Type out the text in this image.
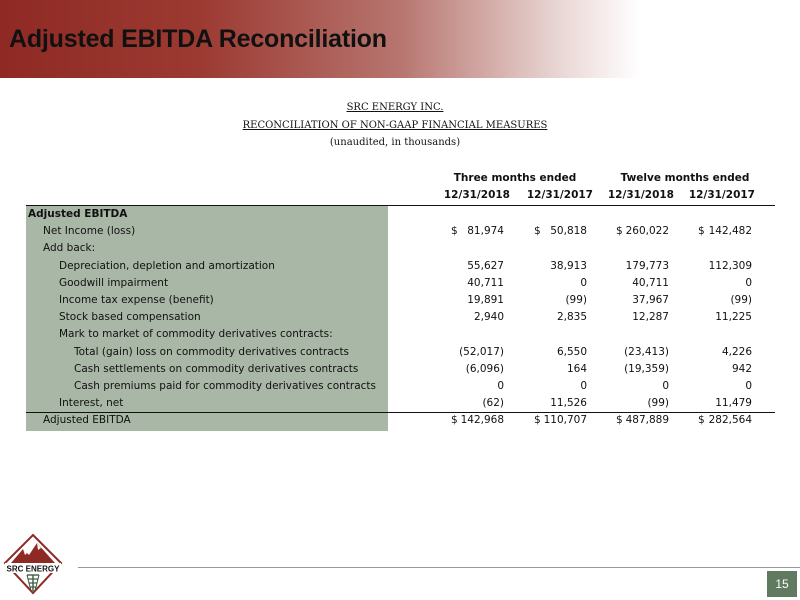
Adjusted EBITDA Reconciliation
SRC ENERGY INC.
RECONCILIATION OF NON-GAAP FINANCIAL MEASURES
(unaudited, in thousands)
Three months ended	Twelve months ended
12/31/2018	12/31/2017 12/31/2018	12/31/2017
Adjusted EBITDA
Net Income (loss)	$ 81,974	$ 50,818	$ 260,022	$ 142,482
Add back:
Depreciation, depletion and amortization	55,627	38,913	179,773	112,309
Goodwill impairment	40,711	0	40,711	0
Income tax expense (benefit)	19,891	(99)	37,967	(99)
Stock based compensation	2,940	2,835	12,287	11,225
Mark to market of commodity derivatives contracts:
Total (gain) loss on commodity derivatives contracts	(52,017)	6,550	(23,413)	4,226
Cash settlements on commodity derivatives contracts	(6,096)	164	(19,359)	942
Cash premiums paid for commodity derivatives contracts	0	0	0	0
Interest, net	(62)	11,526	(99)	11,479
Adjusted EBITDA	$ 142,968	$ 110,707	$ 487,889	$ 282,564
SRC ENERGY
15
